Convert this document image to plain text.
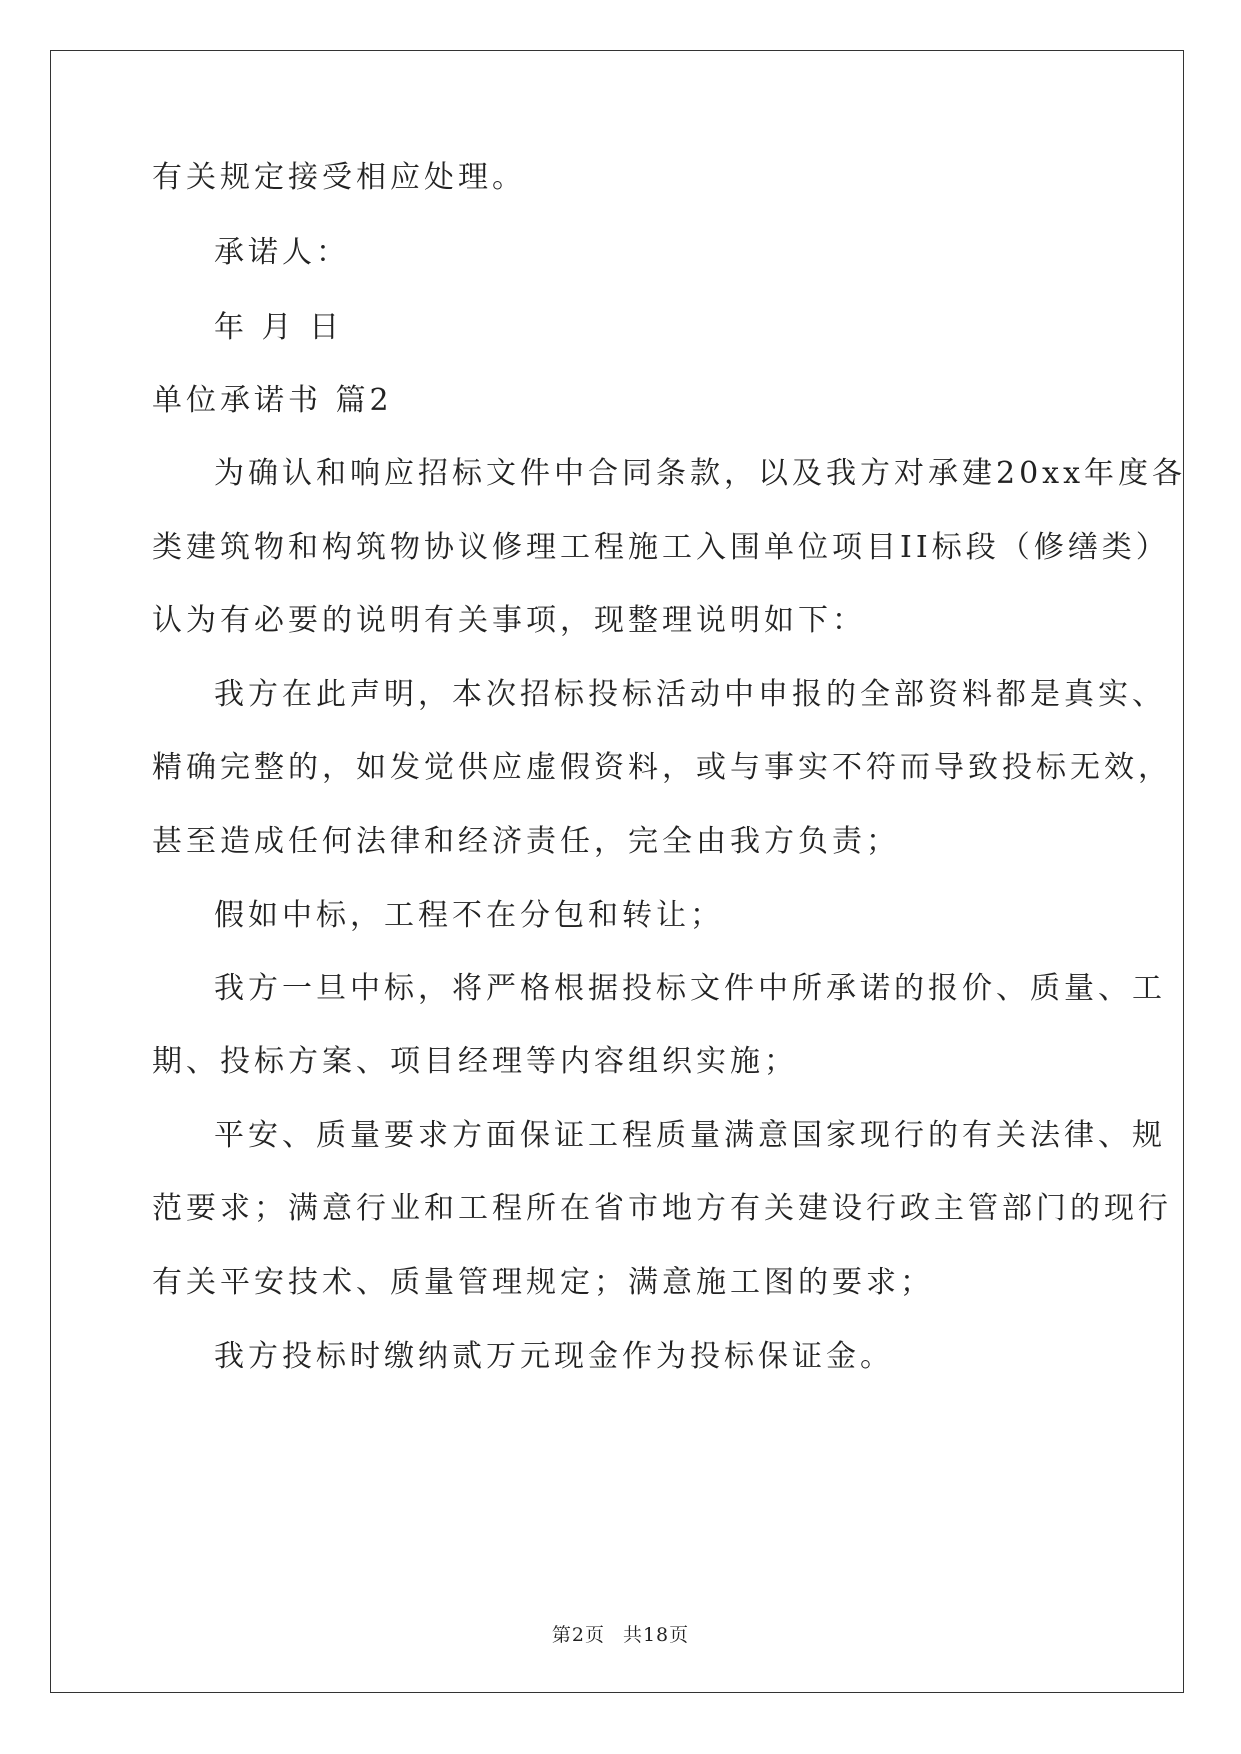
有关规定接受相应处理。
承诺人：
年 月 日
单位承诺书 篇2
为确认和响应招标文件中合同条款，以及我方对承建20xx年度各
类建筑物和构筑物协议修理工程施工入围单位项目II标段（修缮类）
认为有必要的说明有关事项，现整理说明如下：
我方在此声明，本次招标投标活动中申报的全部资料都是真实、
精确完整的，如发觉供应虚假资料，或与事实不符而导致投标无效，
甚至造成任何法律和经济责任，完全由我方负责；
假如中标，工程不在分包和转让；
我方一旦中标，将严格根据投标文件中所承诺的报价、质量、工
期、投标方案、项目经理等内容组织实施；
平安、质量要求方面保证工程质量满意国家现行的有关法律、规
范要求；满意行业和工程所在省市地方有关建设行政主管部门的现行
有关平安技术、质量管理规定；满意施工图的要求；
我方投标时缴纳贰万元现金作为投标保证金。
第2页 共18页
